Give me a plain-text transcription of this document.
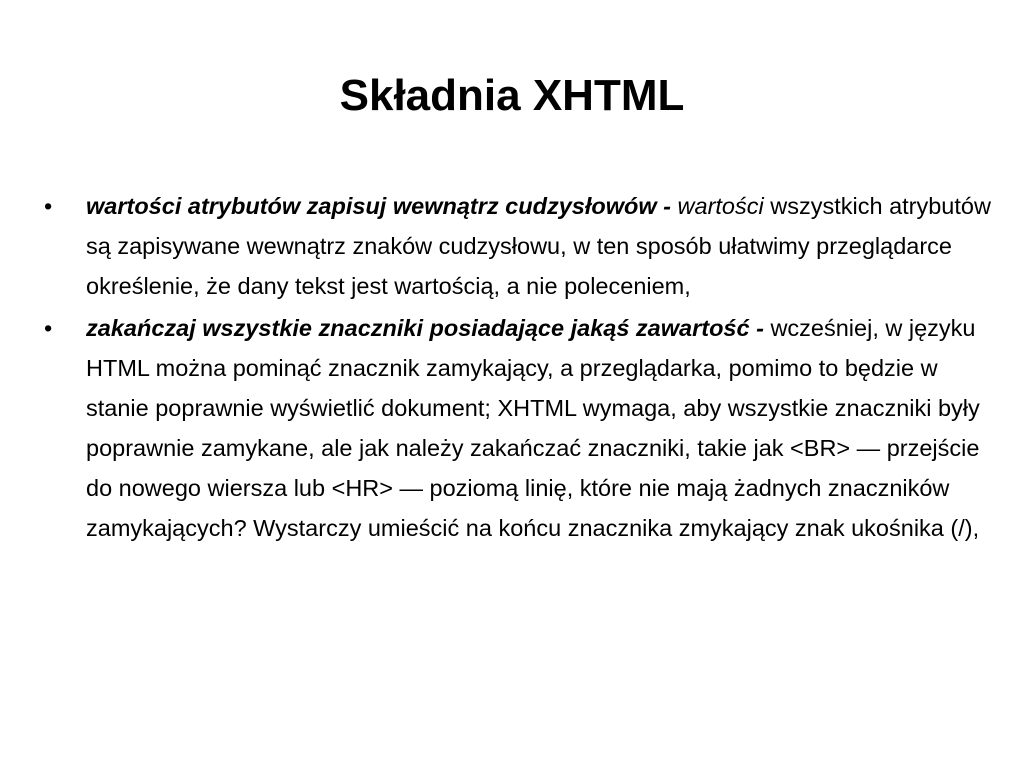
Składnia XHTML
• wartości atrybutów zapisuj wewnątrz cudzysłowów - wartości wszystkich atrybutów są zapisywane wewnątrz znaków cudzysłowu, w ten sposób ułatwimy przeglądarce określenie, że dany tekst jest wartością, a nie poleceniem,
• zakańczaj wszystkie znaczniki posiadające jakąś zawartość - wcześniej, w języku HTML można pominąć znacznik zamykający, a przeglądarka, pomimo to będzie w stanie poprawnie wyświetlić dokument; XHTML wymaga, aby wszystkie znaczniki były poprawnie zamykane, ale jak należy zakańczać znaczniki, takie jak <BR> — przejście do nowego wiersza lub <HR> — poziomą linię, które nie mają żadnych znaczników zamykających? Wystarczy umieścić na końcu znacznika zmykający znak ukośnika (/),
